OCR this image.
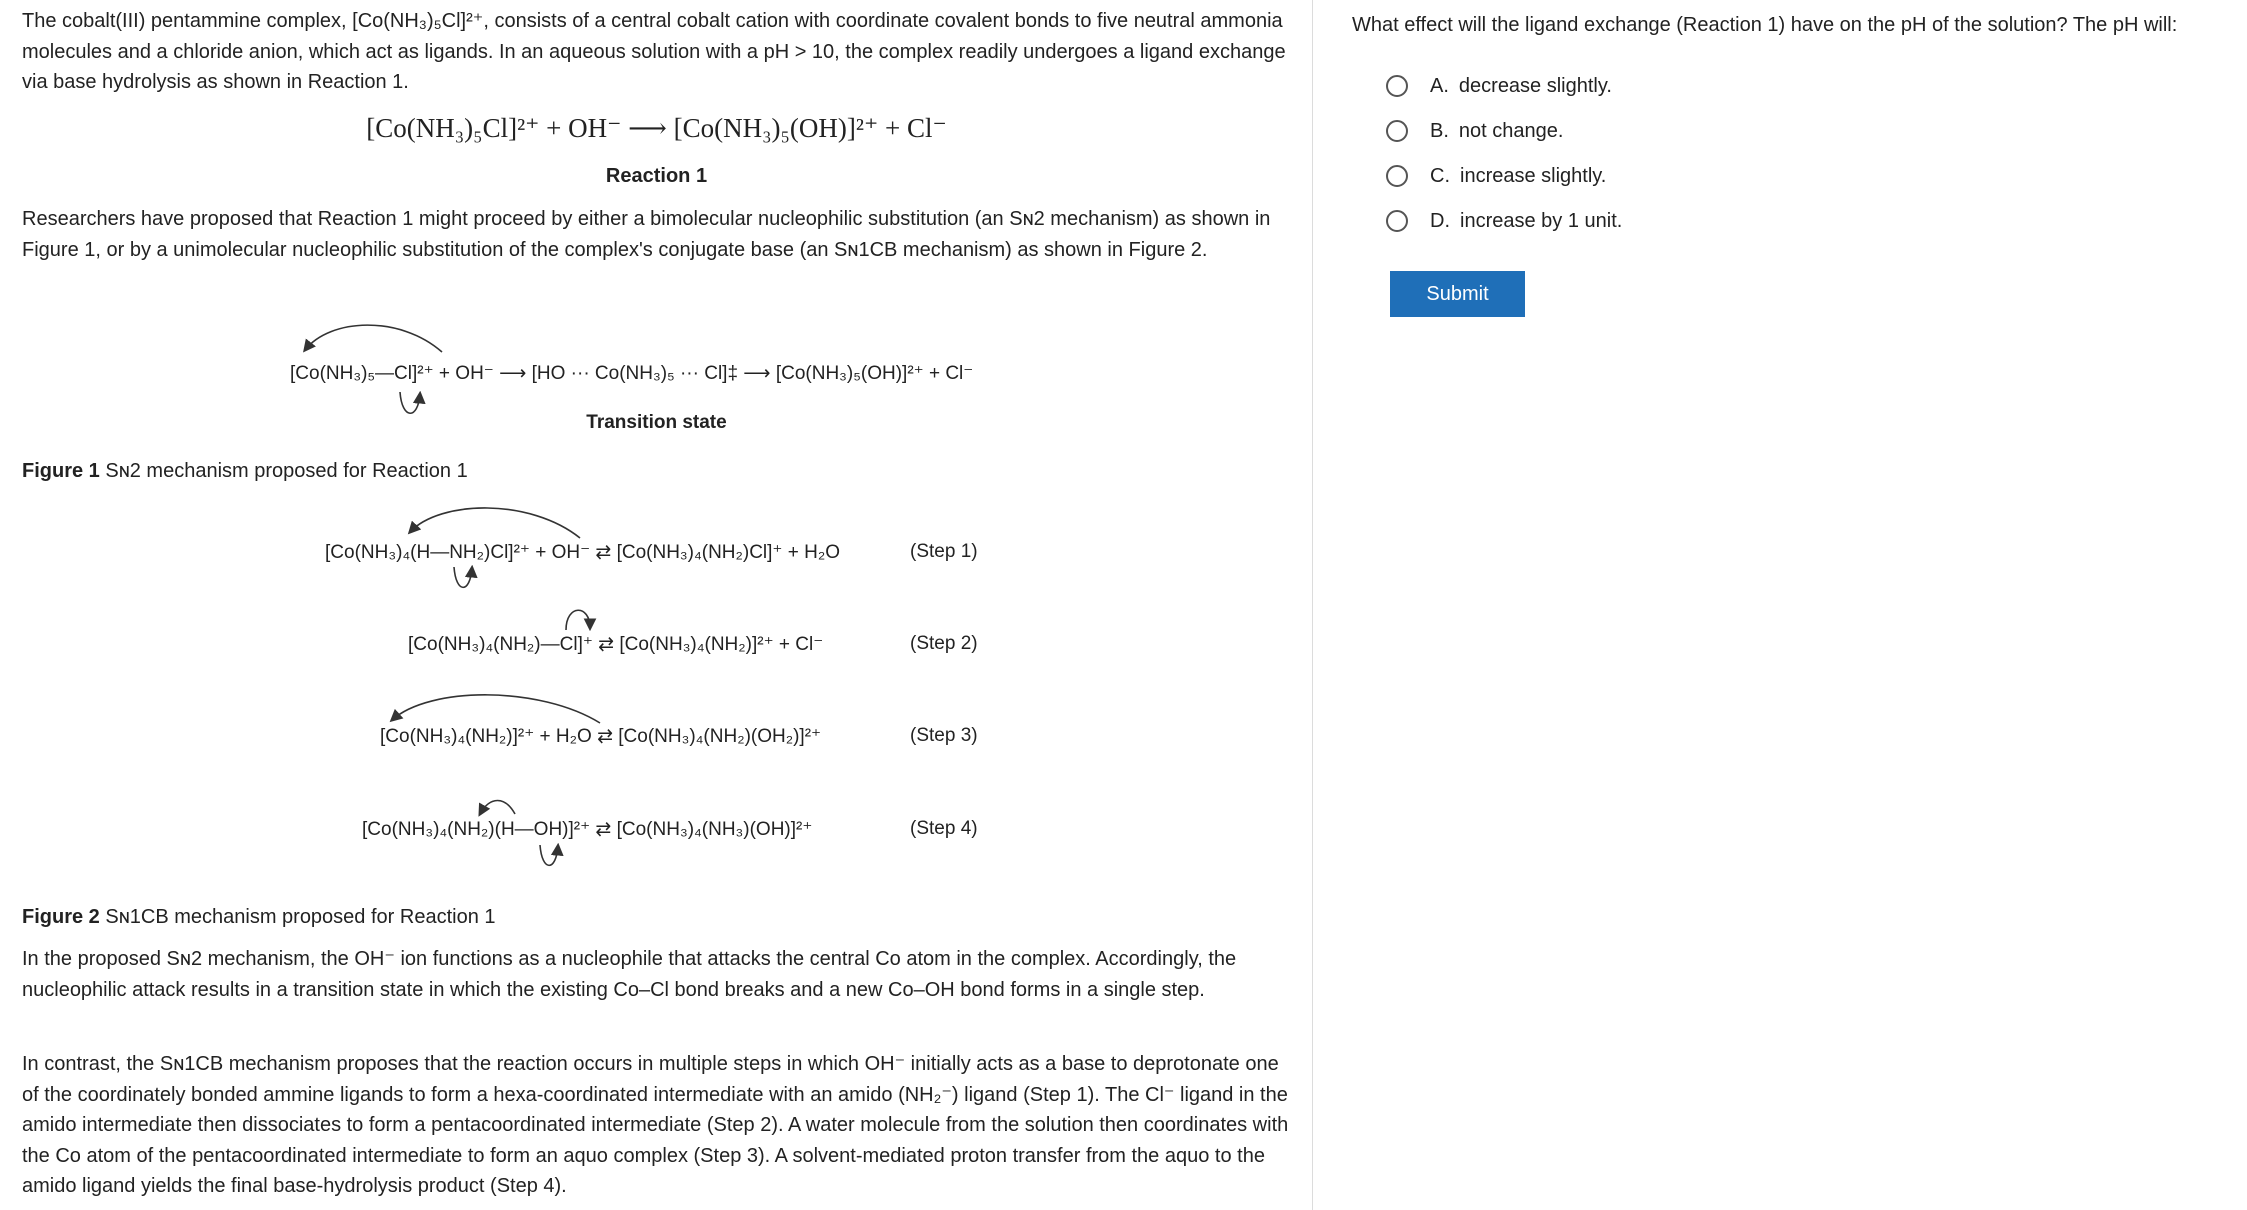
The cobalt(III) pentammine complex, [Co(NH₃)₅Cl]²⁺, consists of a central cobalt cation with coordinate covalent bonds to five neutral ammonia molecules and a chloride anion, which act as ligands. In an aqueous solution with a pH > 10, the complex readily undergoes a ligand exchange via base hydrolysis as shown in Reaction 1.

[Co(NH₃)₅Cl]²⁺ + OH⁻ ⟶ [Co(NH₃)₅(OH)]²⁺ + Cl⁻
Reaction 1

Researchers have proposed that Reaction 1 might proceed by either a bimolecular nucleophilic substitution (an Sɴ2 mechanism) as shown in Figure 1, or by a unimolecular nucleophilic substitution of the complex's conjugate base (an Sɴ1CB mechanism) as shown in Figure 2.

[Co(NH₃)₅—Cl]²⁺ + OH⁻ ⟶ [HO ··· Co(NH₃)₅ ··· Cl]‡ ⟶ [Co(NH₃)₅(OH)]²⁺ + Cl⁻
Transition state
Figure 1 Sɴ2 mechanism proposed for Reaction 1
[Co(NH₃)₄(H—NH₂)Cl]²⁺ + OH⁻ ⇄ [Co(NH₃)₄(NH₂)Cl]⁺ + H₂O	(Step 1)
[Co(NH₃)₄(NH₂)—Cl]⁺ ⇄ [Co(NH₃)₄(NH₂)]²⁺ + Cl⁻	(Step 2)
[Co(NH₃)₄(NH₂)]²⁺ + H₂O ⇄ [Co(NH₃)₄(NH₂)(OH₂)]²⁺	(Step 3)
[Co(NH₃)₄(NH₂)(H—OH)]²⁺ ⇄ [Co(NH₃)₄(NH₃)(OH)]²⁺	(Step 4)
Figure 2 Sɴ1CB mechanism proposed for Reaction 1

In the proposed Sɴ2 mechanism, the OH⁻ ion functions as a nucleophile that attacks the central Co atom in the complex. Accordingly, the nucleophilic attack results in a transition state in which the existing Co–Cl bond breaks and a new Co–OH bond forms in a single step.

In contrast, the Sɴ1CB mechanism proposes that the reaction occurs in multiple steps in which OH⁻ initially acts as a base to deprotonate one of the coordinately bonded ammine ligands to form a hexa-coordinated intermediate with an amido (NH₂⁻) ligand (Step 1). The Cl⁻ ligand in the amido intermediate then dissociates to form a pentacoordinated intermediate (Step 2). A water molecule from the solution then coordinates with the Co atom of the pentacoordinated intermediate to form an aquo complex (Step 3). A solvent-mediated proton transfer from the aquo to the amido ligand yields the final base-hydrolysis product (Step 4).

What effect will the ligand exchange (Reaction 1) have on the pH of the solution? The pH will:
A. decrease slightly.
B. not change.
C. increase slightly.
D. increase by 1 unit.
Submit
